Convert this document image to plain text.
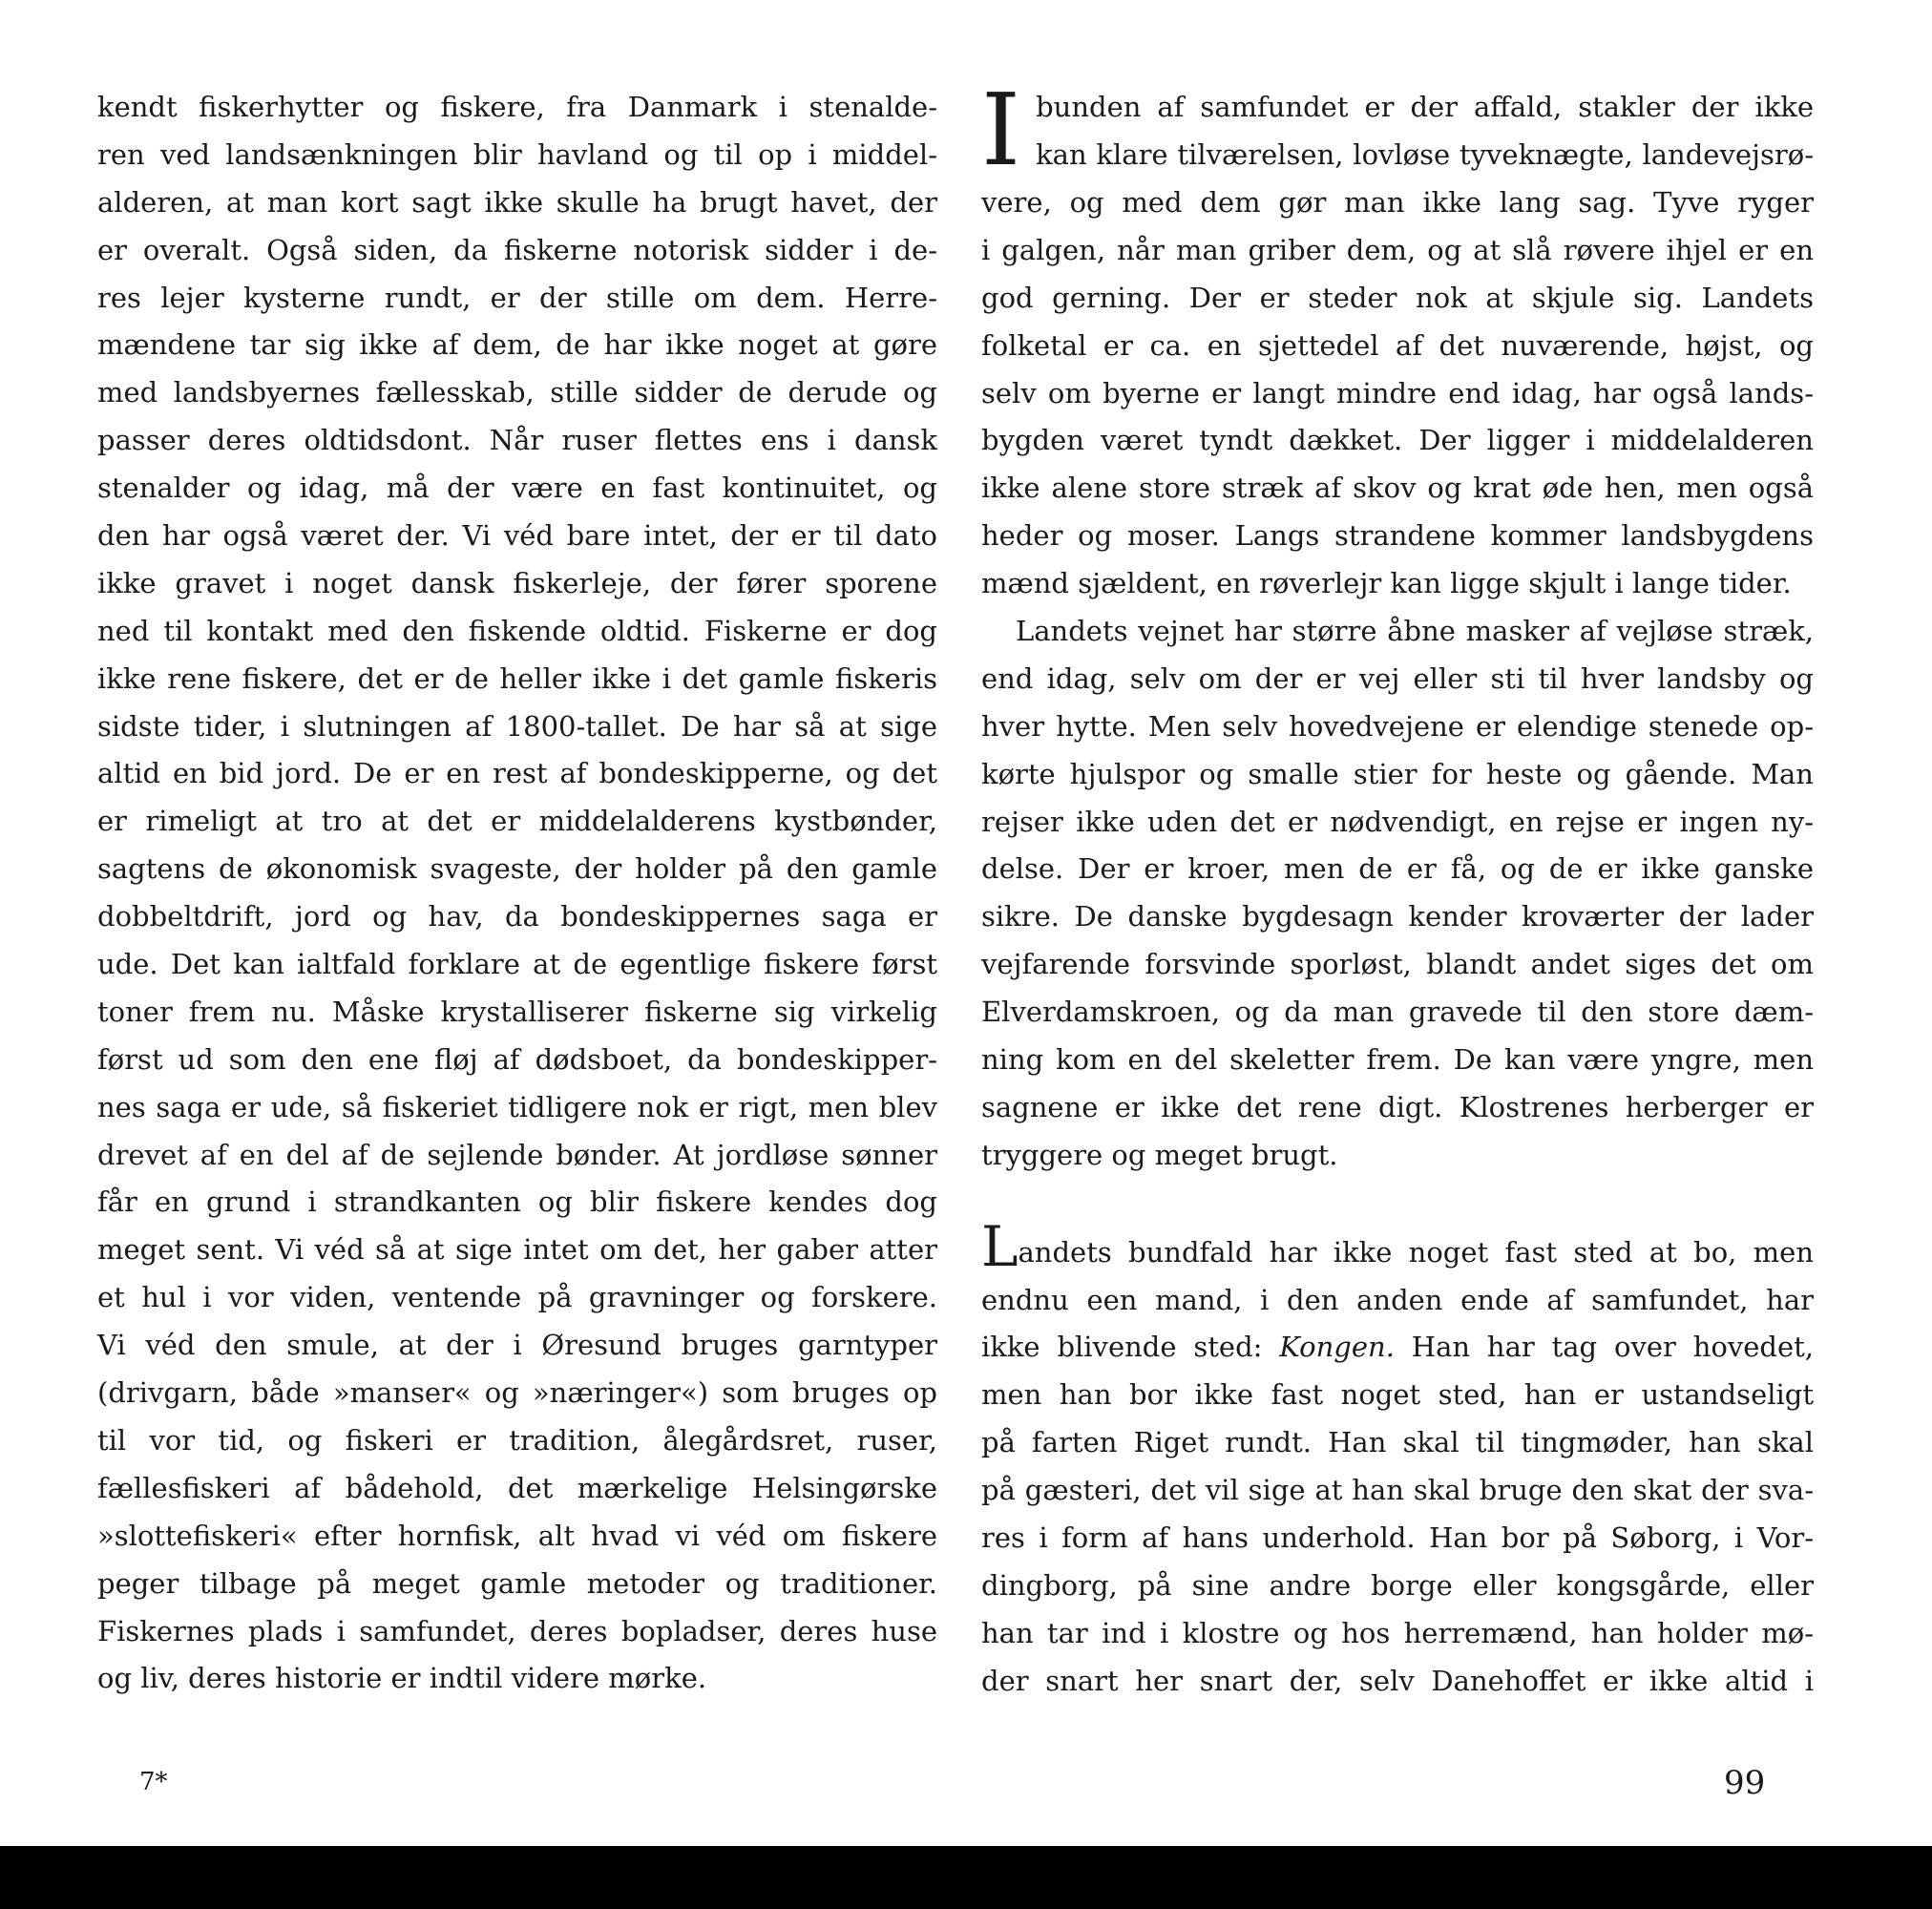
kendt fiskerhytter og fiskere, fra Danmark i stenalde-
ren ved landsænkningen blir havland og til op i middel-
alderen, at man kort sagt ikke skulle ha brugt havet, der
er overalt. Også siden, da fiskerne notorisk sidder i de-
res lejer kysterne rundt, er der stille om dem. Herre-
mændene tar sig ikke af dem, de har ikke noget at gøre
med landsbyernes fællesskab, stille sidder de derude og
passer deres oldtidsdont. Når ruser flettes ens i dansk
stenalder og idag, må der være en fast kontinuitet, og
den har også været der. Vi véd bare intet, der er til dato
ikke gravet i noget dansk fiskerleje, der fører sporene
ned til kontakt med den fiskende oldtid. Fiskerne er dog
ikke rene fiskere, det er de heller ikke i det gamle fiskeris
sidste tider, i slutningen af 1800-tallet. De har så at sige
altid en bid jord. De er en rest af bondeskipperne, og det
er rimeligt at tro at det er middelalderens kystbønder,
sagtens de økonomisk svageste, der holder på den gamle
dobbeltdrift, jord og hav, da bondeskippernes saga er
ude. Det kan ialtfald forklare at de egentlige fiskere først
toner frem nu. Måske krystalliserer fiskerne sig virkelig
først ud som den ene fløj af dødsboet, da bondeskipper-
nes saga er ude, så fiskeriet tidligere nok er rigt, men blev
drevet af en del af de sejlende bønder. At jordløse sønner
får en grund i strandkanten og blir fiskere kendes dog
meget sent. Vi véd så at sige intet om det, her gaber atter
et hul i vor viden, ventende på gravninger og forskere.
Vi véd den smule, at der i Øresund bruges garntyper
(drivgarn, både »manser« og »næringer«) som bruges op
til vor tid, og fiskeri er tradition, ålegårdsret, ruser,
fællesfiskeri af bådehold, det mærkelige Helsingørske
»slottefiskeri« efter hornfisk, alt hvad vi véd om fiskere
peger tilbage på meget gamle metoder og traditioner.
Fiskernes plads i samfundet, deres bopladser, deres huse
og liv, deres historie er indtil videre mørke.
I bunden af samfundet er der affald, stakler der ikke
kan klare tilværelsen, lovløse tyveknægte, landevejsrø-
vere, og med dem gør man ikke lang sag. Tyve ryger
i galgen, når man griber dem, og at slå røvere ihjel er en
god gerning. Der er steder nok at skjule sig. Landets
folketal er ca. en sjettedel af det nuværende, højst, og
selv om byerne er langt mindre end idag, har også lands-
bygden været tyndt dækket. Der ligger i middelalderen
ikke alene store stræk af skov og krat øde hen, men også
heder og moser. Langs strandene kommer landsbygdens
mænd sjældent, en røverlejr kan ligge skjult i lange tider.
Landets vejnet har større åbne masker af vejløse stræk,
end idag, selv om der er vej eller sti til hver landsby og
hver hytte. Men selv hovedvejene er elendige stenede op-
kørte hjulspor og smalle stier for heste og gående. Man
rejser ikke uden det er nødvendigt, en rejse er ingen ny-
delse. Der er kroer, men de er få, og de er ikke ganske
sikre. De danske bygdesagn kender kroværter der lader
vejfarende forsvinde sporløst, blandt andet siges det om
Elverdamskroen, og da man gravede til den store dæm-
ning kom en del skeletter frem. De kan være yngre, men
sagnene er ikke det rene digt. Klostrenes herberger er
tryggere og meget brugt.
Landets bundfald har ikke noget fast sted at bo, men
endnu een mand, i den anden ende af samfundet, har
ikke blivende sted: Kongen. Han har tag over hovedet,
men han bor ikke fast noget sted, han er ustandseligt
på farten Riget rundt. Han skal til tingmøder, han skal
på gæsteri, det vil sige at han skal bruge den skat der sva-
res i form af hans underhold. Han bor på Søborg, i Vor-
dingborg, på sine andre borge eller kongsgårde, eller
han tar ind i klostre og hos herremænd, han holder mø-
der snart her snart der, selv Danehoffet er ikke altid i
7*	99
